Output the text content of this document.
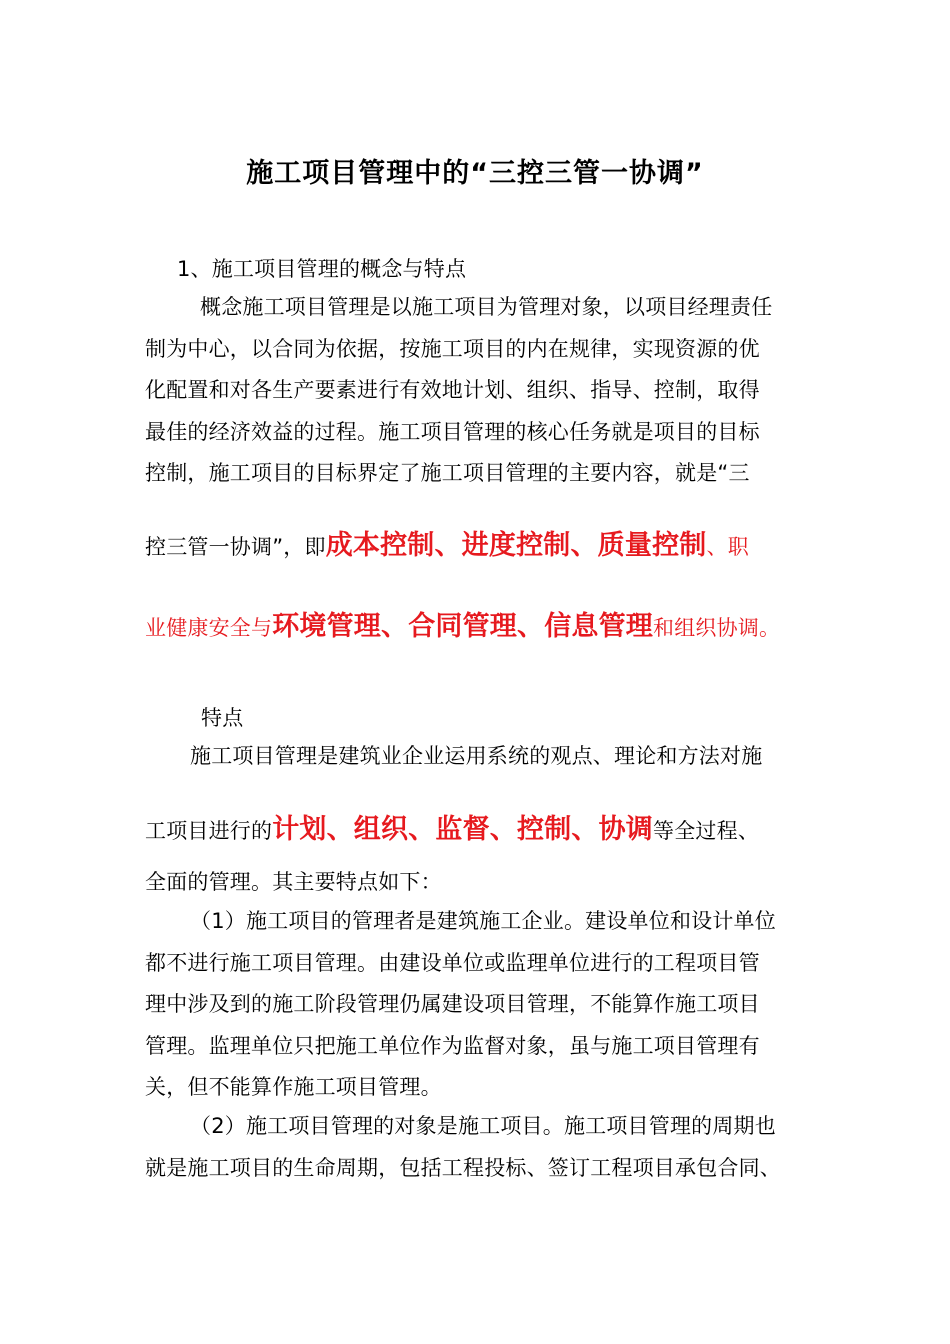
施工项目管理中的“三控三管一协调”
1、施工项目管理的概念与特点
概念施工项目管理是以施工项目为管理对象，以项目经理责任
制为中心，以合同为依据，按施工项目的内在规律，实现资源的优
化配置和对各生产要素进行有效地计划、组织、指导、控制，取得
最佳的经济效益的过程。施工项目管理的核心任务就是项目的目标
控制，施工项目的目标界定了施工项目管理的主要内容，就是“三
控三管一协调”，即成本控制、进度控制、质量控制、职
业健康安全与环境管理、合同管理、信息管理和组织协调。
特点
施工项目管理是建筑业企业运用系统的观点、理论和方法对施
工项目进行的计划、组织、监督、控制、协调等全过程、
全面的管理。其主要特点如下：
（1）施工项目的管理者是建筑施工企业。建设单位和设计单位
都不进行施工项目管理。由建设单位或监理单位进行的工程项目管
理中涉及到的施工阶段管理仍属建设项目管理，不能算作施工项目
管理。监理单位只把施工单位作为监督对象，虽与施工项目管理有
关，但不能算作施工项目管理。
（2）施工项目管理的对象是施工项目。施工项目管理的周期也
就是施工项目的生命周期，包括工程投标、签订工程项目承包合同、
